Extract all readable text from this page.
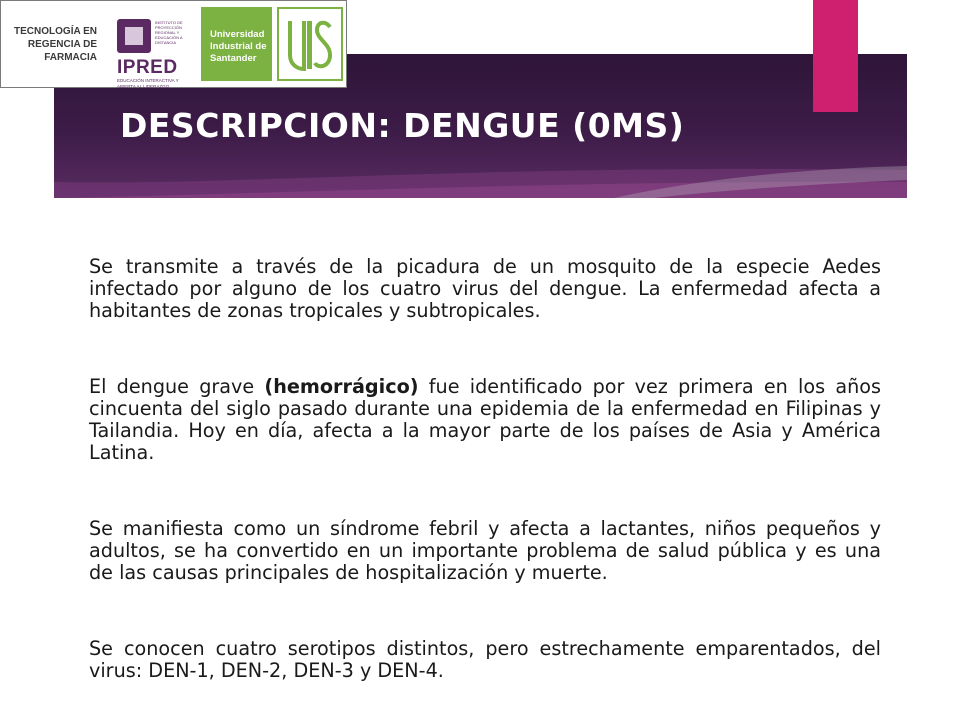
TECNOLOGÍA EN
REGENCIA DE
FARMACIA
INSTITUTO DE PROYECCIÓN REGIONAL Y EDUCACIÓN A DISTANCIA
IPRED
EDUCACIÓN INTERACTIVA Y ABIERTA AL LIDERAZGO
Universidad
Industrial de
Santander
DESCRIPCION: DENGUE (0MS)

Se transmite a través de la picadura de un mosquito de la especie Aedes infectado por alguno de los cuatro virus del dengue. La enfermedad afecta a habitantes de zonas tropicales y subtropicales.

El dengue grave (hemorrágico) fue identificado por vez primera en los años cincuenta del siglo pasado durante una epidemia de la enfermedad en Filipinas y Tailandia. Hoy en día, afecta a la mayor parte de los países de Asia y América Latina.

Se manifiesta como un síndrome febril y afecta a lactantes, niños pequeños y adultos, se ha convertido en un importante problema de salud pública y es una de las causas principales de hospitalización y muerte.

Se conocen cuatro serotipos distintos, pero estrechamente emparentados, del virus: DEN-1, DEN-2, DEN-3 y DEN-4.
